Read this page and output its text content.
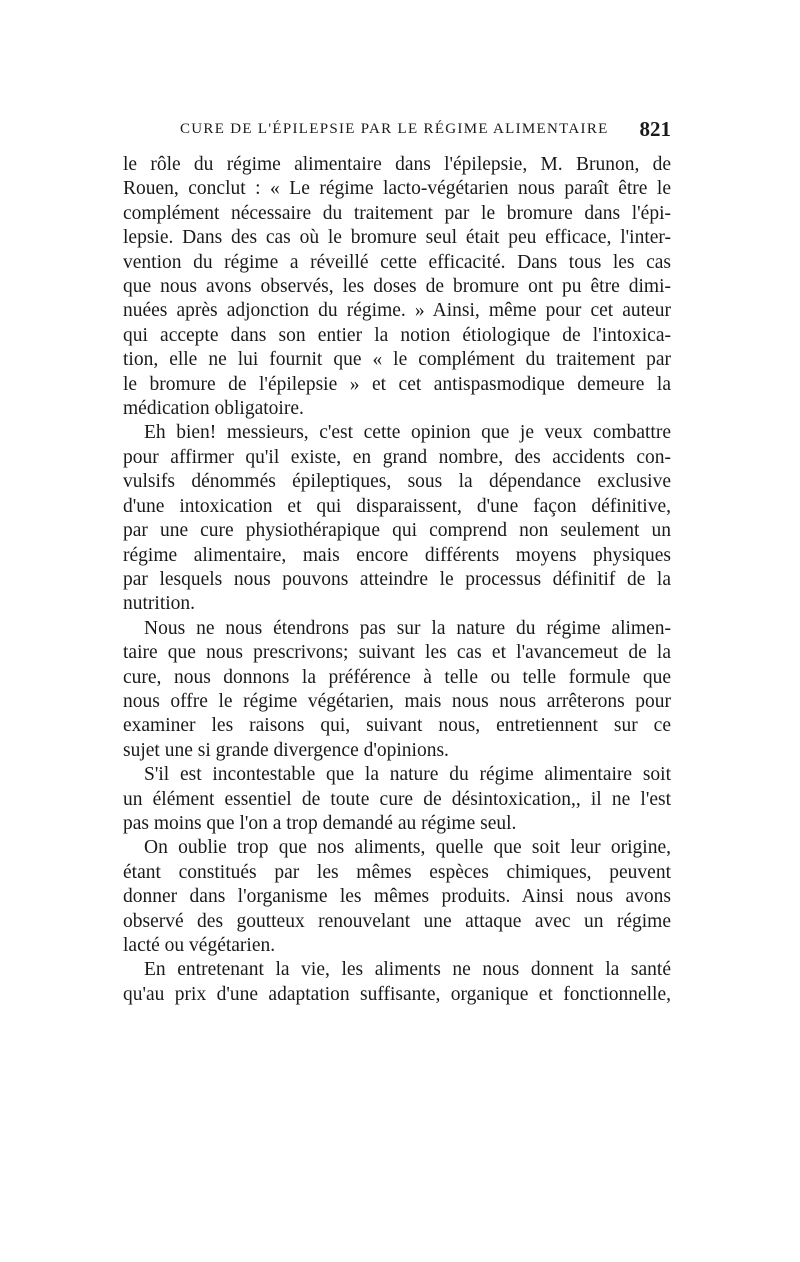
CURE DE L'ÉPILEPSIE PAR LE RÉGIME ALIMENTAIRE 821

le rôle du régime alimentaire dans l'épilepsie, M. Brunon, de
Rouen, conclut : « Le régime lacto-végétarien nous paraît être le
complément nécessaire du traitement par le bromure dans l'épi-
lepsie. Dans des cas où le bromure seul était peu efficace, l'inter-
vention du régime a réveillé cette efficacité. Dans tous les cas
que nous avons observés, les doses de bromure ont pu être dimi-
nuées après adjonction du régime. » Ainsi, même pour cet auteur
qui accepte dans son entier la notion étiologique de l'intoxica-
tion, elle ne lui fournit que « le complément du traitement par
le bromure de l'épilepsie » et cet antispasmodique demeure la
médication obligatoire.

Eh bien! messieurs, c'est cette opinion que je veux combattre
pour affirmer qu'il existe, en grand nombre, des accidents con-
vulsifs dénommés épileptiques, sous la dépendance exclusive
d'une intoxication et qui disparaissent, d'une façon définitive,
par une cure physiothérapique qui comprend non seulement un
régime alimentaire, mais encore différents moyens physiques
par lesquels nous pouvons atteindre le processus définitif de la
nutrition.

Nous ne nous étendrons pas sur la nature du régime alimen-
taire que nous prescrivons; suivant les cas et l'avancemeut de la
cure, nous donnons la préférence à telle ou telle formule que
nous offre le régime végétarien, mais nous nous arrêterons pour
examiner les raisons qui, suivant nous, entretiennent sur ce
sujet une si grande divergence d'opinions.

S'il est incontestable que la nature du régime alimentaire soit
un élément essentiel de toute cure de désintoxication,, il ne l'est
pas moins que l'on a trop demandé au régime seul.

On oublie trop que nos aliments, quelle que soit leur origine,
étant constitués par les mêmes espèces chimiques, peuvent
donner dans l'organisme les mêmes produits. Ainsi nous avons
observé des goutteux renouvelant une attaque avec un régime
lacté ou végétarien.

En entretenant la vie, les aliments ne nous donnent la santé
qu'au prix d'une adaptation suffisante, organique et fonctionnelle,
